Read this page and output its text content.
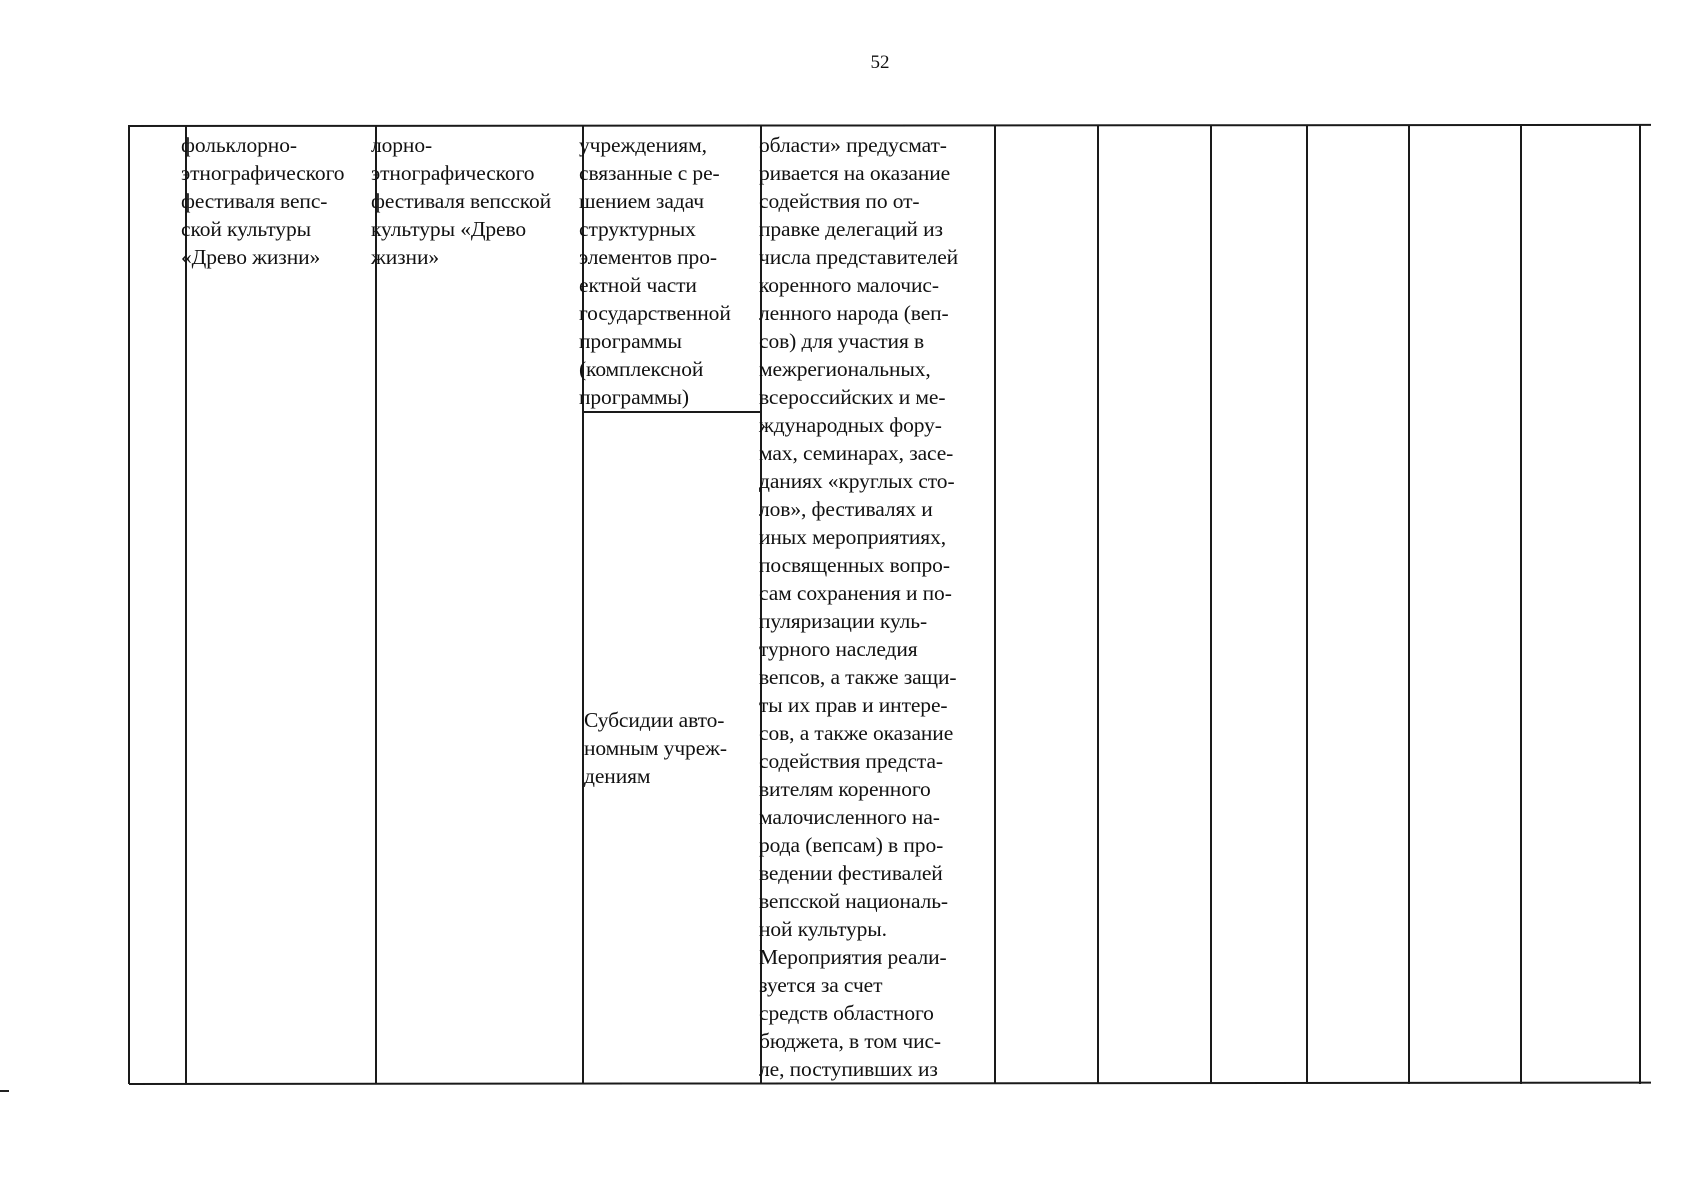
52
фольклорно-
этнографического
фестиваля вепс-
ской культуры
«Древо жизни»
лорно-
этнографического
фестиваля вепсской
культуры «Древо
жизни»
учреждениям,
связанные с ре-
шением задач
структурных
элементов про-
ектной части
государственной
программы
(комплексной
программы)
Субсидии авто-
номным учреж-
дениям
области» предусмат-
ривается на оказание
содействия по от-
правке делегаций из
числа представителей
коренного малочис-
ленного народа (веп-
сов) для участия в
межрегиональных,
всероссийских и ме-
ждународных фору-
мах, семинарах, засе-
даниях «круглых сто-
лов», фестивалях и
иных мероприятиях,
посвященных вопро-
сам сохранения и по-
пуляризации куль-
турного наследия
вепсов, а также защи-
ты их прав и интере-
сов, а также оказание
содействия предста-
вителям коренного
малочисленного на-
рода (вепсам) в про-
ведении фестивалей
вепсской националь-
ной культуры.
Мероприятия реали-
зуется за счет
средств областного
бюджета, в том чис-
ле, поступивших из
